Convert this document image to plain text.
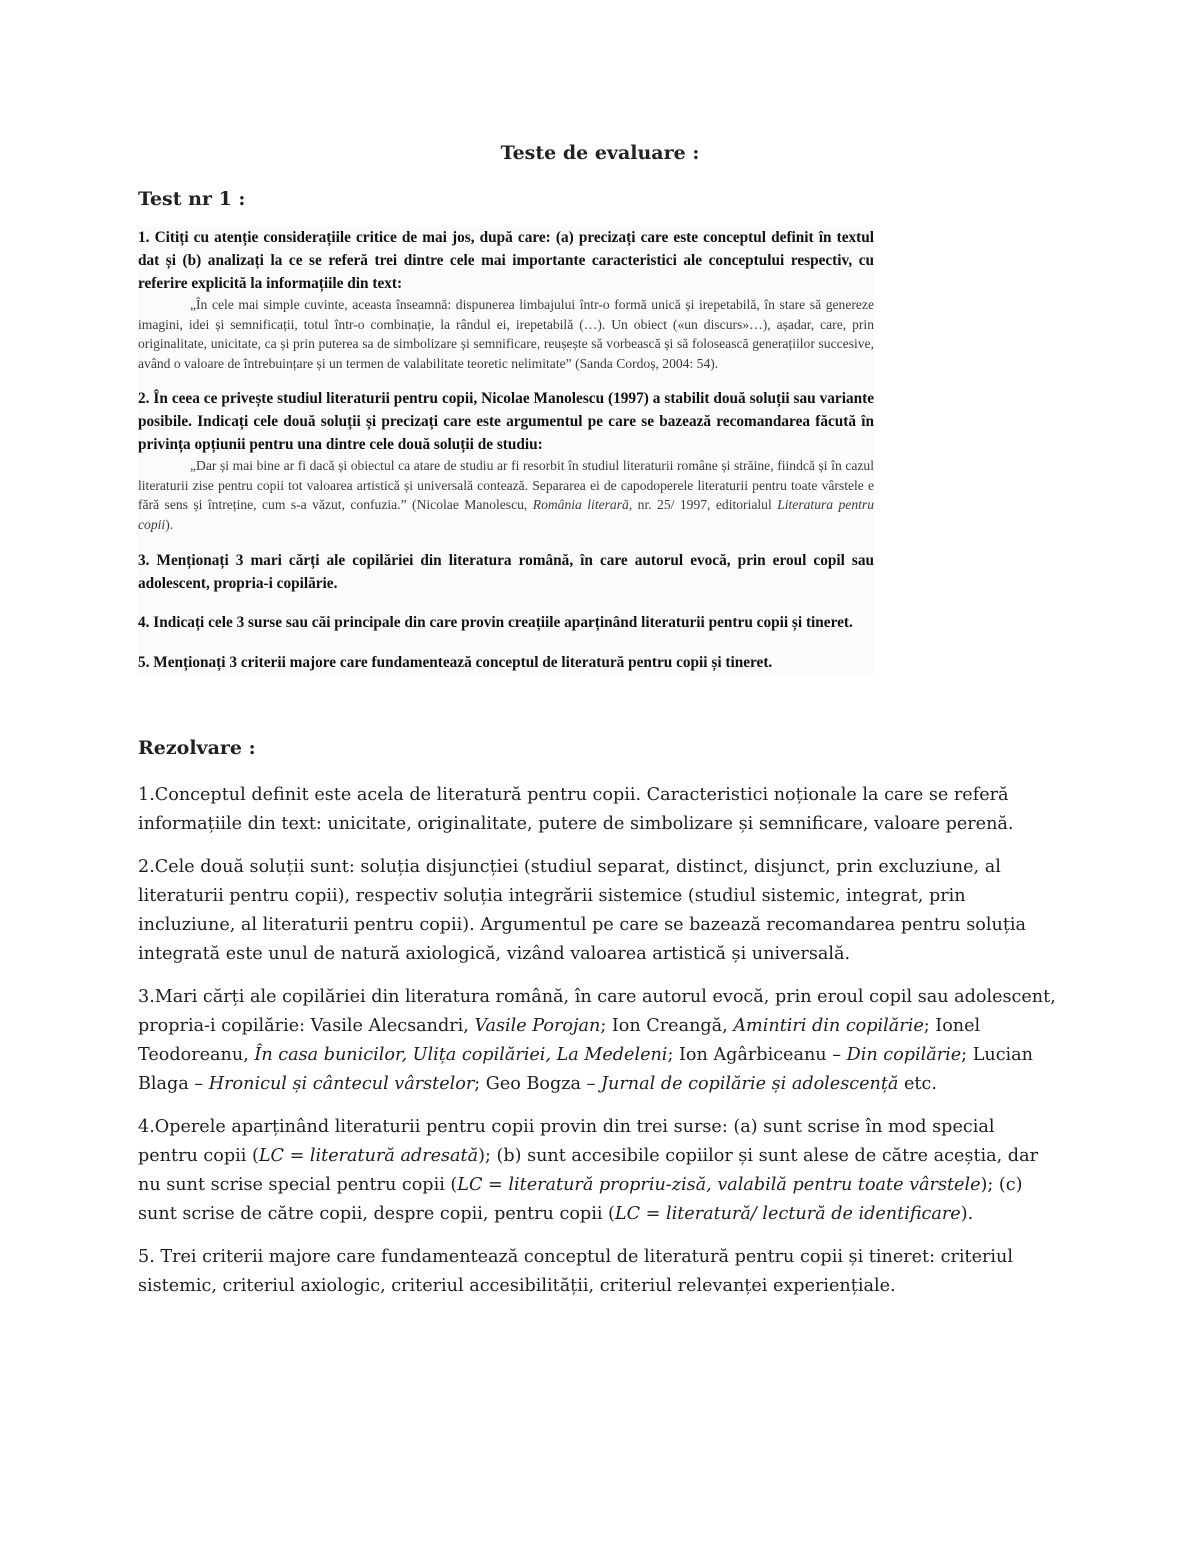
Teste de evaluare :
Test nr 1 :
1. Citiți cu atenție considerațiile critice de mai jos, după care: (a) precizați care este conceptul definit în textul dat și (b) analizați la ce se referă trei dintre cele mai importante caracteristici ale conceptului respectiv, cu referire explicită la informațiile din text:
„În cele mai simple cuvinte, aceasta înseamnă: dispunerea limbajului într-o formă unică și irepetabilă, în stare să genereze imagini, idei și semnificații, totul într-o combinație, la rândul ei, irepetabilă (…). Un obiect («un discurs»…), așadar, care, prin originalitate, unicitate, ca și prin puterea sa de simbolizare și semnificare, reușește să vorbească și să folosească generațiilor succesive, având o valoare de întrebuințare și un termen de valabilitate teoretic nelimitate” (Sanda Cordoș, 2004: 54).
2. În ceea ce privește studiul literaturii pentru copii, Nicolae Manolescu (1997) a stabilit două soluții sau variante posibile. Indicați cele două soluții și precizați care este argumentul pe care se bazează recomandarea făcută în privința opțiunii pentru una dintre cele două soluții de studiu:
„Dar și mai bine ar fi dacă și obiectul ca atare de studiu ar fi resorbit în studiul literaturii române și străine, fiindcă și în cazul literaturii zise pentru copii tot valoarea artistică și universală contează. Separarea ei de capodoperele literaturii pentru toate vârstele e fără sens și întreține, cum s-a văzut, confuzia.” (Nicolae Manolescu, România literară, nr. 25/ 1997, editorialul Literatura pentru copii).
3. Menționați 3 mari cărți ale copilăriei din literatura română, în care autorul evocă, prin eroul copil sau adolescent, propria-i copilărie.
4. Indicați cele 3 surse sau căi principale din care provin creațiile aparținând literaturii pentru copii și tineret.
5. Menționați 3 criterii majore care fundamentează conceptul de literatură pentru copii și tineret.
Rezolvare :

1.Conceptul definit este acela de literatură pentru copii. Caracteristici noționale la care se referă informațiile din text: unicitate, originalitate, putere de simbolizare și semnificare, valoare perenă.

2.Cele două soluții sunt: soluția disjuncției (studiul separat, distinct, disjunct, prin excluziune, al literaturii pentru copii), respectiv soluția integrării sistemice (studiul sistemic, integrat, prin incluziune, al literaturii pentru copii). Argumentul pe care se bazează recomandarea pentru soluția integrată este unul de natură axiologică, vizând valoarea artistică și universală.

3.Mari cărți ale copilăriei din literatura română, în care autorul evocă, prin eroul copil sau adolescent, propria-i copilărie: Vasile Alecsandri, Vasile Porojan; Ion Creangă, Amintiri din copilărie; Ionel Teodoreanu, În casa bunicilor, Ulița copilăriei, La Medeleni; Ion Agârbiceanu – Din copilărie; Lucian Blaga – Hronicul și cântecul vârstelor; Geo Bogza – Jurnal de copilărie și adolescență etc.

4.Operele aparținând literaturii pentru copii provin din trei surse: (a) sunt scrise în mod special pentru copii (LC = literatură adresată); (b) sunt accesibile copiilor și sunt alese de către aceștia, dar nu sunt scrise special pentru copii (LC = literatură propriu-zisă, valabilă pentru toate vârstele); (c) sunt scrise de către copii, despre copii, pentru copii (LC = literatură/ lectură de identificare).

5. Trei criterii majore care fundamentează conceptul de literatură pentru copii și tineret: criteriul sistemic, criteriul axiologic, criteriul accesibilității, criteriul relevanței experiențiale.
